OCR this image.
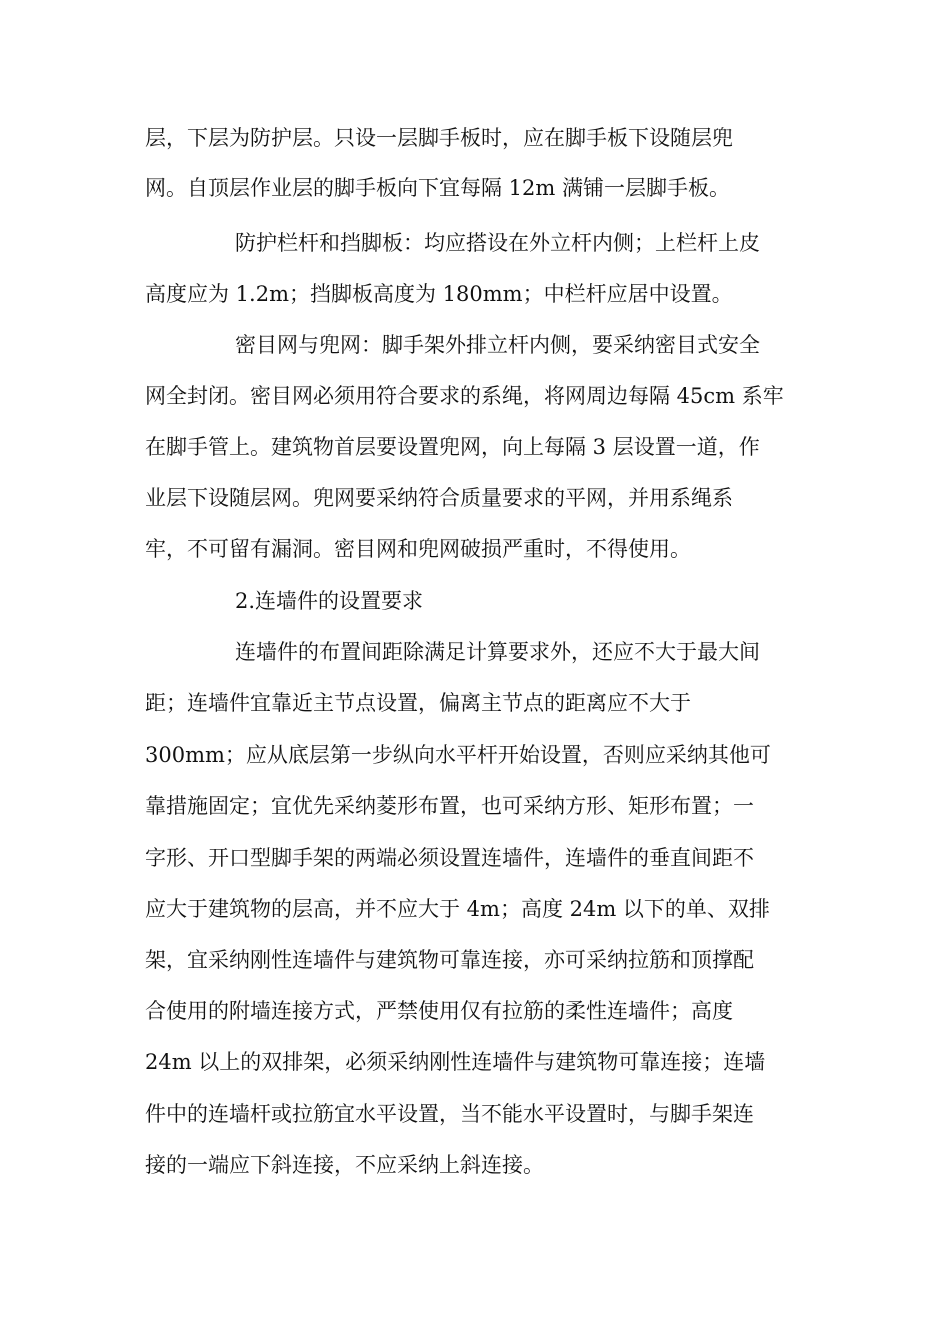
层，下层为防护层。只设一层脚手板时，应在脚手板下设随层兜
网。自顶层作业层的脚手板向下宜每隔 12m 满铺一层脚手板。
防护栏杆和挡脚板：均应搭设在外立杆内侧；上栏杆上皮
高度应为 1.2m；挡脚板高度为 180mm；中栏杆应居中设置。
密目网与兜网：脚手架外排立杆内侧，要采纳密目式安全
网全封闭。密目网必须用符合要求的系绳，将网周边每隔 45cm 系牢
在脚手管上。建筑物首层要设置兜网，向上每隔 3 层设置一道，作
业层下设随层网。兜网要采纳符合质量要求的平网，并用系绳系
牢，不可留有漏洞。密目网和兜网破损严重时，不得使用。
2.连墙件的设置要求
连墙件的布置间距除满足计算要求外，还应不大于最大间
距；连墙件宜靠近主节点设置，偏离主节点的距离应不大于
300mm；应从底层第一步纵向水平杆开始设置，否则应采纳其他可
靠措施固定；宜优先采纳菱形布置，也可采纳方形、矩形布置；一
字形、开口型脚手架的两端必须设置连墙件，连墙件的垂直间距不
应大于建筑物的层高，并不应大于 4m；高度 24m 以下的单、双排
架，宜采纳刚性连墙件与建筑物可靠连接，亦可采纳拉筋和顶撑配
合使用的附墙连接方式，严禁使用仅有拉筋的柔性连墙件；高度
24m 以上的双排架，必须采纳刚性连墙件与建筑物可靠连接；连墙
件中的连墙杆或拉筋宜水平设置，当不能水平设置时，与脚手架连
接的一端应下斜连接，不应采纳上斜连接。
